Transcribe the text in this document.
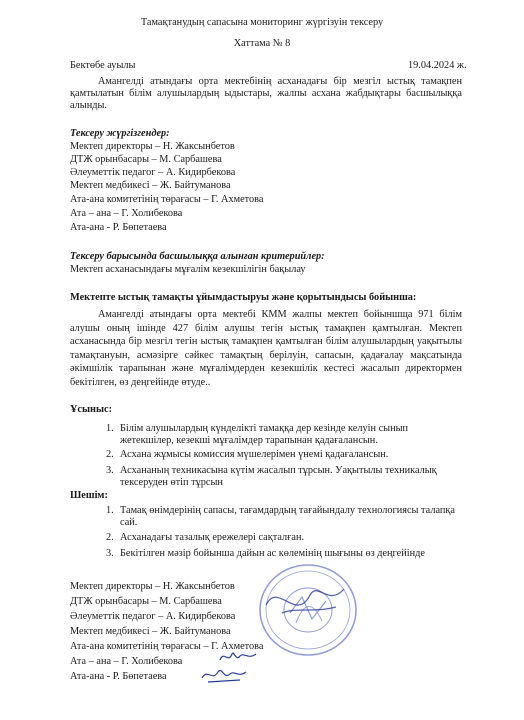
Тамақтанудың сапасына мониторинг жүргізуін тексеру
Хаттама № 8
Бектөбе ауылы	19.04.2024 ж.
Амангелді атындағы орта мектебінің асханадағы бір мезгіл ыстық тамақпен қамтылатын білім алушылардың ыдыстары, жалпы асхана жабдықтары басшылыққа алынды.
Тексеру жүргізгендер:
Мектеп директоры – Н. Жаксынбетов
ДТЖ орынбасары – М. Сарбашева
Әлеуметтік педагог – А. Кидирбекова
Мектеп медбикесі – Ж. Байтуманова
Ата-ана комитетінің төрағасы – Г. Ахметова
Ата – ана – Г. Холибекова
Ата-ана - Р. Бөпетаева
Тексеру барысында басшылыққа алынған критерийлер:
Мектеп асханасындағы мұғалім кезекшілігін бақылау
Мектепте ыстық тамақты ұйымдастыруы және қорытындысы бойынша:
Амангелді атындағы орта мектебі КММ жалпы мектеп бойыншща 971 білім алушы оның ішінде 427 білім алушы тегін ыстық тамақпен қамтылған. Мектеп асханасында бір мезгіл тегін ыстық тамақпен қамтылған білім алушылардың уақытылы тамақтануын, асмәзірге сәйкес тамақтың берілуін, сапасын, қадағалау мақсатында әкімшілік тарапынан және мұғалімдерден кезекшілік кестесі жасалып директормен бекітілген, өз деңгейінде өтуде..
Ұсыныс:
1. Білім алушылардың күнделікті тамаққа дер кезінде келуін сынып жетекшілер, кезекші мұғалімдер тарапынан қадағалансын.
2. Асхана жұмысы комиссия мүшелерімен үнемі қадағалансын.
3. Асхананың техникасына күтім жасалып тұрсын. Уақытылы техникалық тексеруден өтіп тұрсын
Шешім:
1. Тамақ өнімдерінің сапасы, тағамдардың тағайындалу технологиясы талапқа сай.
2. Асханадағы тазалық ережелері сақталған.
3. Бекітілген мәзір бойынша дайын ас көлемінің шығыны өз деңгейінде
Мектеп директоры – Н. Жаксынбетов
ДТЖ орынбасары – М. Сарбашева
Әлеуметтік педагог – А. Кидирбекова
Мектеп медбикесі – Ж. Байтуманова
Ата-ана комитетінің төрағасы – Г. Ахметова
Ата – ана – Г. Холибекова
Ата-ана - Р. Бөпетаева
